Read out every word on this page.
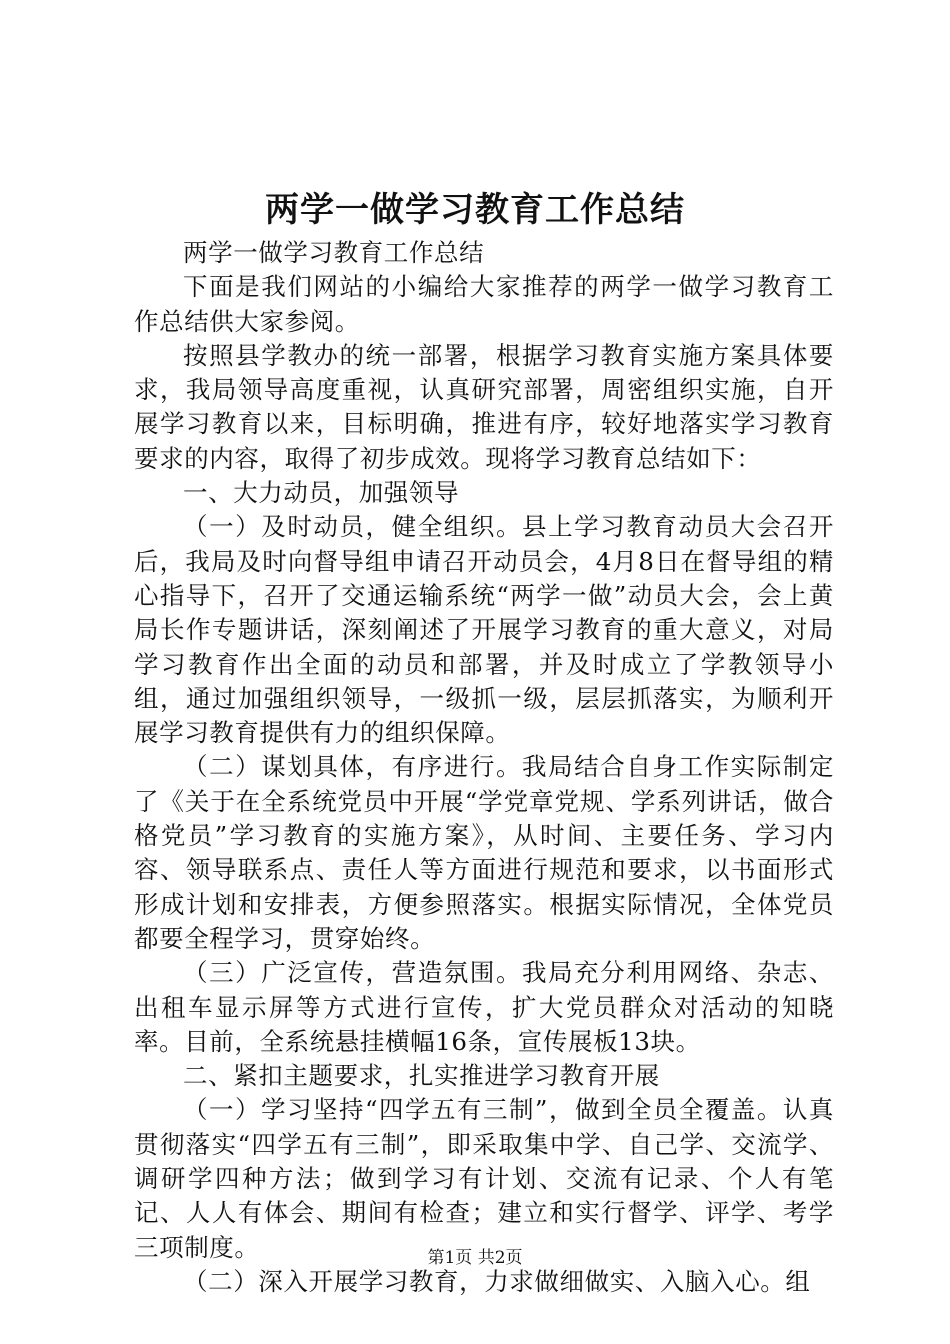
两学一做学习教育工作总结

两学一做学习教育工作总结

下面是我们网站的小编给大家推荐的两学一做学习教育工作总结供大家参阅。

按照县学教办的统一部署，根据学习教育实施方案具体要求，我局领导高度重视，认真研究部署，周密组织实施，自开展学习教育以来，目标明确，推进有序，较好地落实学习教育要求的内容，取得了初步成效。现将学习教育总结如下：

一、大力动员，加强领导

（一）及时动员，健全组织。县上学习教育动员大会召开后，我局及时向督导组申请召开动员会，4月8日在督导组的精心指导下，召开了交通运输系统“两学一做”动员大会，会上黄局长作专题讲话，深刻阐述了开展学习教育的重大意义，对局学习教育作出全面的动员和部署，并及时成立了学教领导小组，通过加强组织领导，一级抓一级，层层抓落实，为顺利开展学习教育提供有力的组织保障。

（二）谋划具体，有序进行。我局结合自身工作实际制定了《关于在全系统党员中开展“学党章党规、学系列讲话，做合格党员”学习教育的实施方案》，从时间、主要任务、学习内容、领导联系点、责任人等方面进行规范和要求，以书面形式形成计划和安排表，方便参照落实。根据实际情况，全体党员都要全程学习，贯穿始终。

（三）广泛宣传，营造氛围。我局充分利用网络、杂志、出租车显示屏等方式进行宣传，扩大党员群众对活动的知晓率。目前，全系统悬挂横幅16条，宣传展板13块。

二、紧扣主题要求，扎实推进学习教育开展

（一）学习坚持“四学五有三制”，做到全员全覆盖。认真贯彻落实“四学五有三制”，即采取集中学、自己学、交流学、调研学四种方法；做到学习有计划、交流有记录、个人有笔记、人人有体会、期间有检查；建立和实行督学、评学、考学三项制度。

（二）深入开展学习教育，力求做细做实、入脑入心。组

第1页 共2页
